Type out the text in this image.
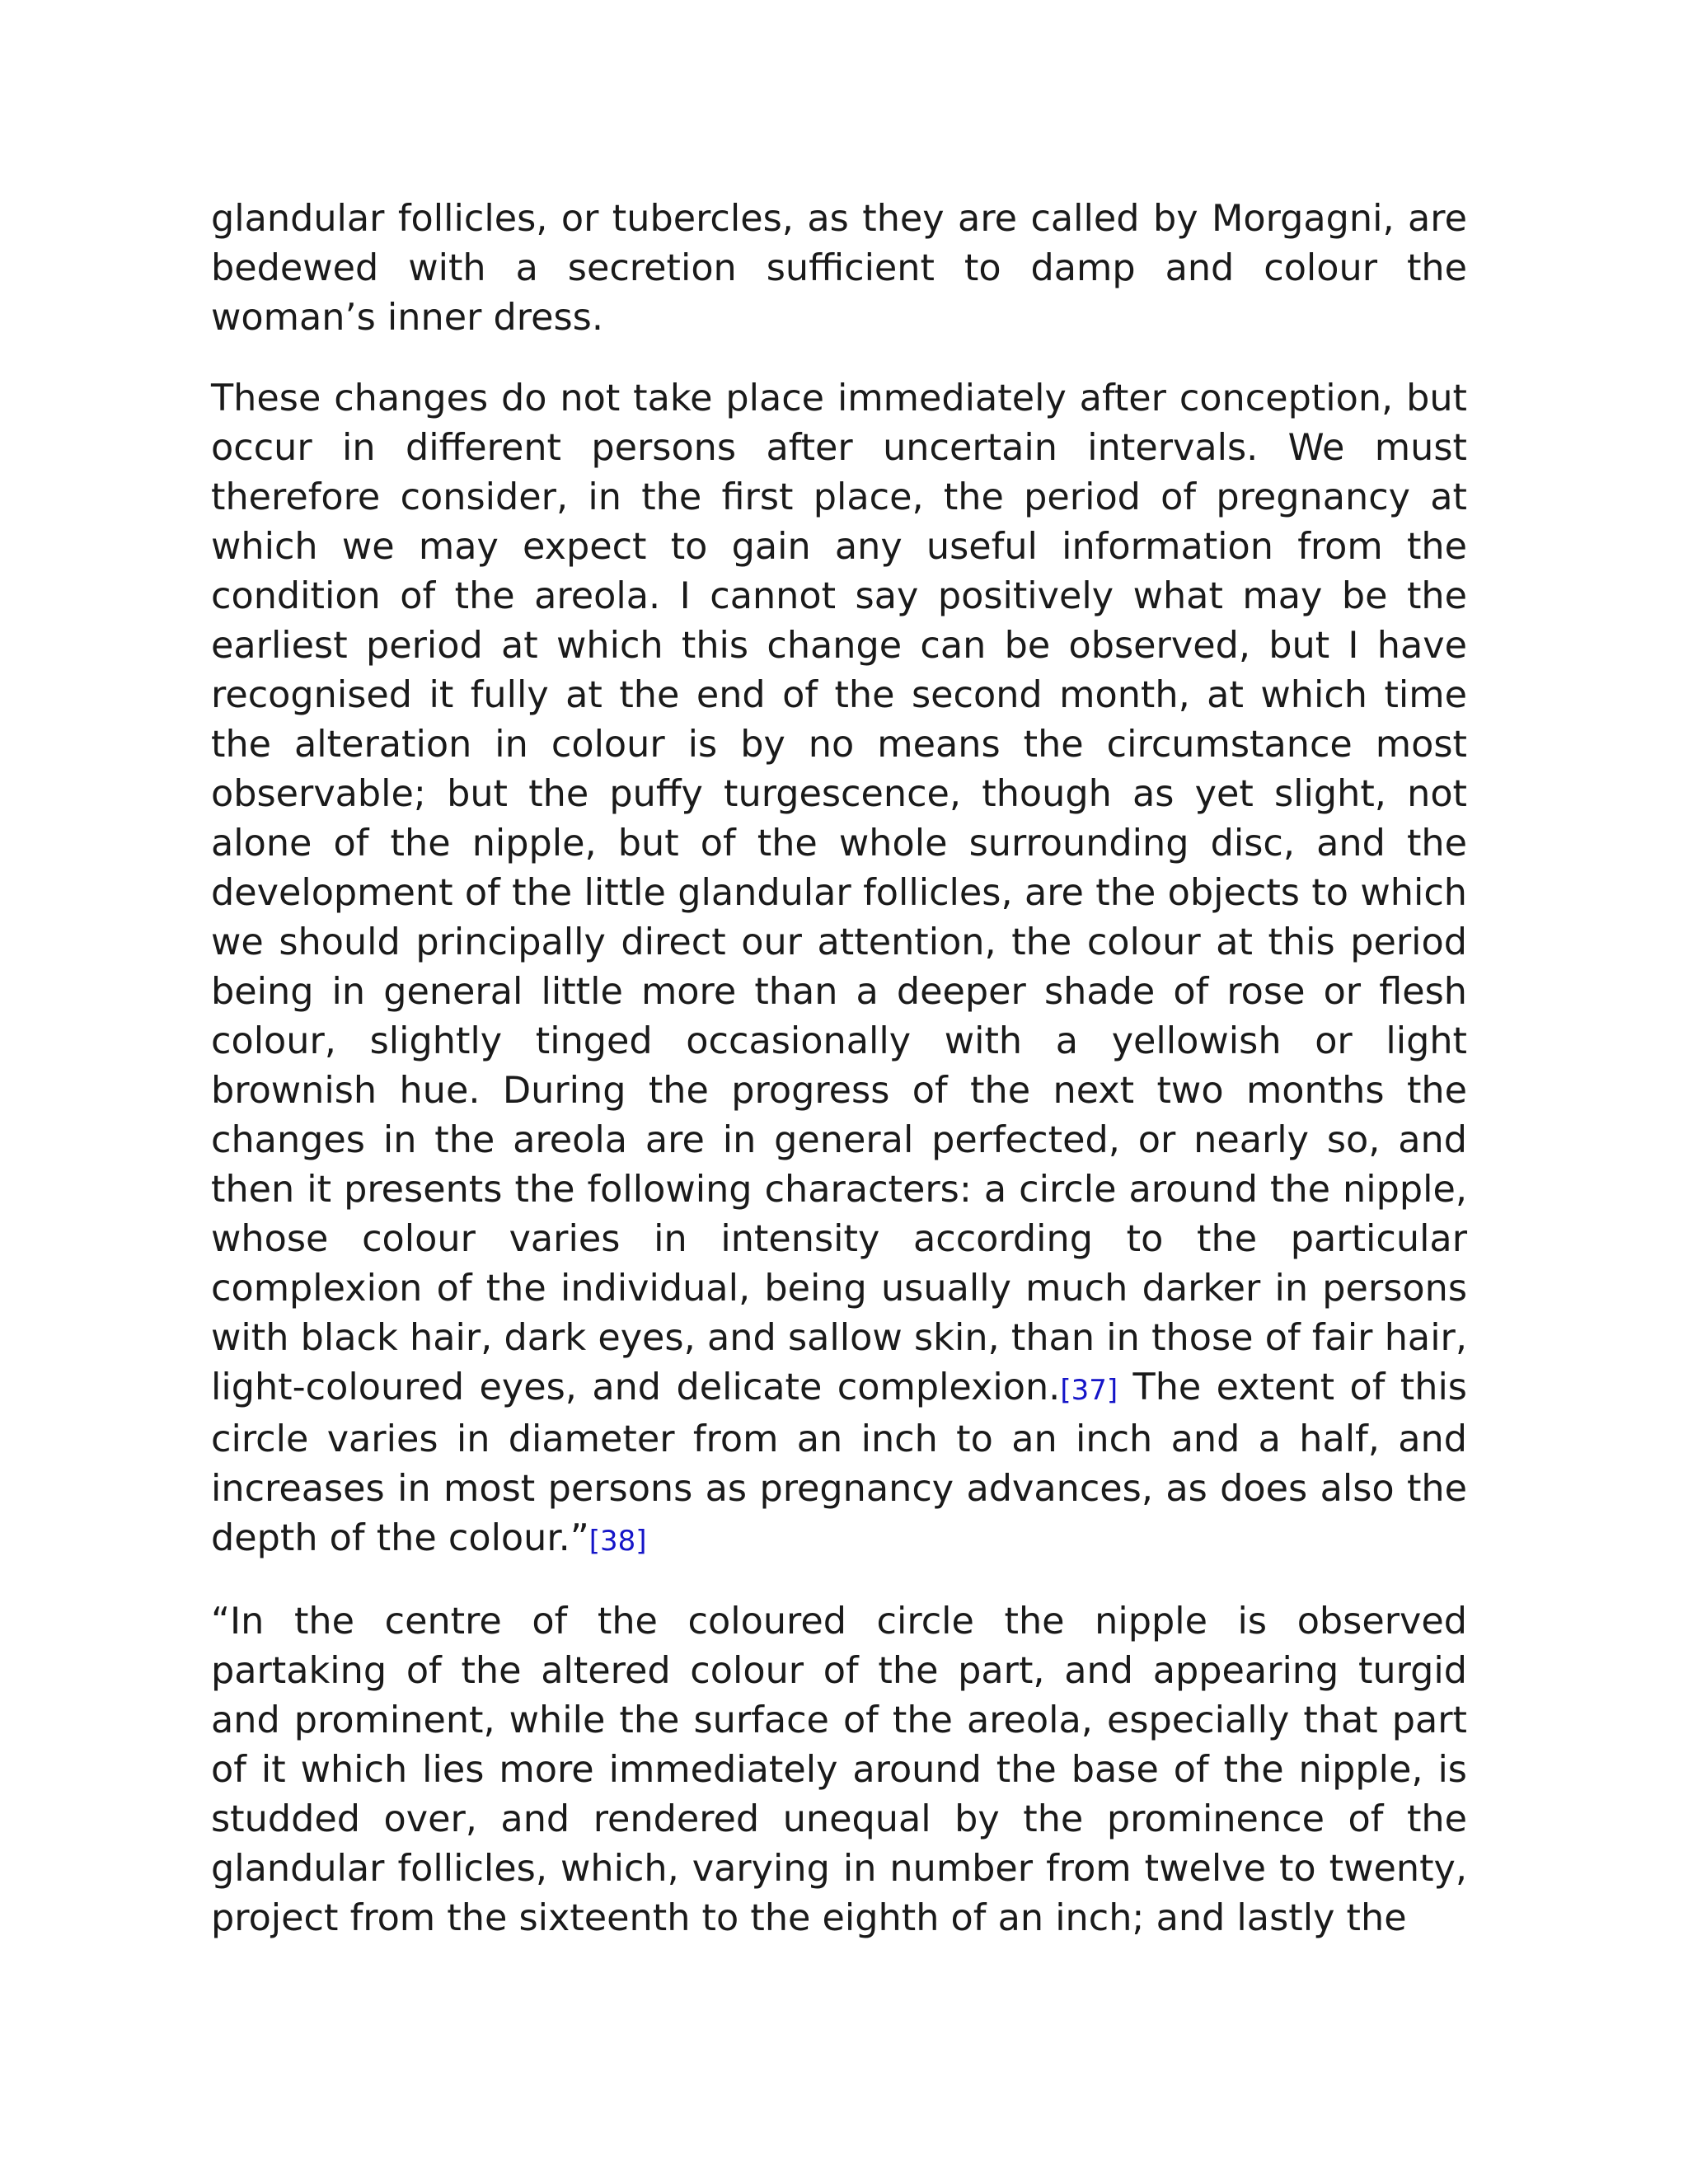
glandular follicles, or tubercles, as they are called by Morgagni, are bedewed with a secretion sufficient to damp and colour the woman’s inner dress.

These changes do not take place immediately after conception, but occur in different persons after uncertain intervals. We must therefore consider, in the first place, the period of pregnancy at which we may expect to gain any useful information from the condition of the areola. I cannot say positively what may be the earliest period at which this change can be observed, but I have recognised it fully at the end of the second month, at which time the alteration in colour is by no means the circumstance most observable; but the puffy turgescence, though as yet slight, not alone of the nipple, but of the whole surrounding disc, and the development of the little glandular follicles, are the objects to which we should principally direct our attention, the colour at this period being in general little more than a deeper shade of rose or flesh colour, slightly tinged occasionally with a yellowish or light brownish hue. During the progress of the next two months the changes in the areola are in general perfected, or nearly so, and then it presents the following characters: a circle around the nipple, whose colour varies in intensity according to the particular complexion of the individual, being usually much darker in persons with black hair, dark eyes, and sallow skin, than in those of fair hair, light-coloured eyes, and delicate complexion.[37] The extent of this circle varies in diameter from an inch to an inch and a half, and increases in most persons as pregnancy advances, as does also the depth of the colour.”[38]

“In the centre of the coloured circle the nipple is observed partaking of the altered colour of the part, and appearing turgid and prominent, while the surface of the areola, especially that part of it which lies more immediately around the base of the nipple, is studded over, and rendered unequal by the prominence of the glandular follicles, which, varying in number from twelve to twenty, project from the sixteenth to the eighth of an inch; and lastly the
